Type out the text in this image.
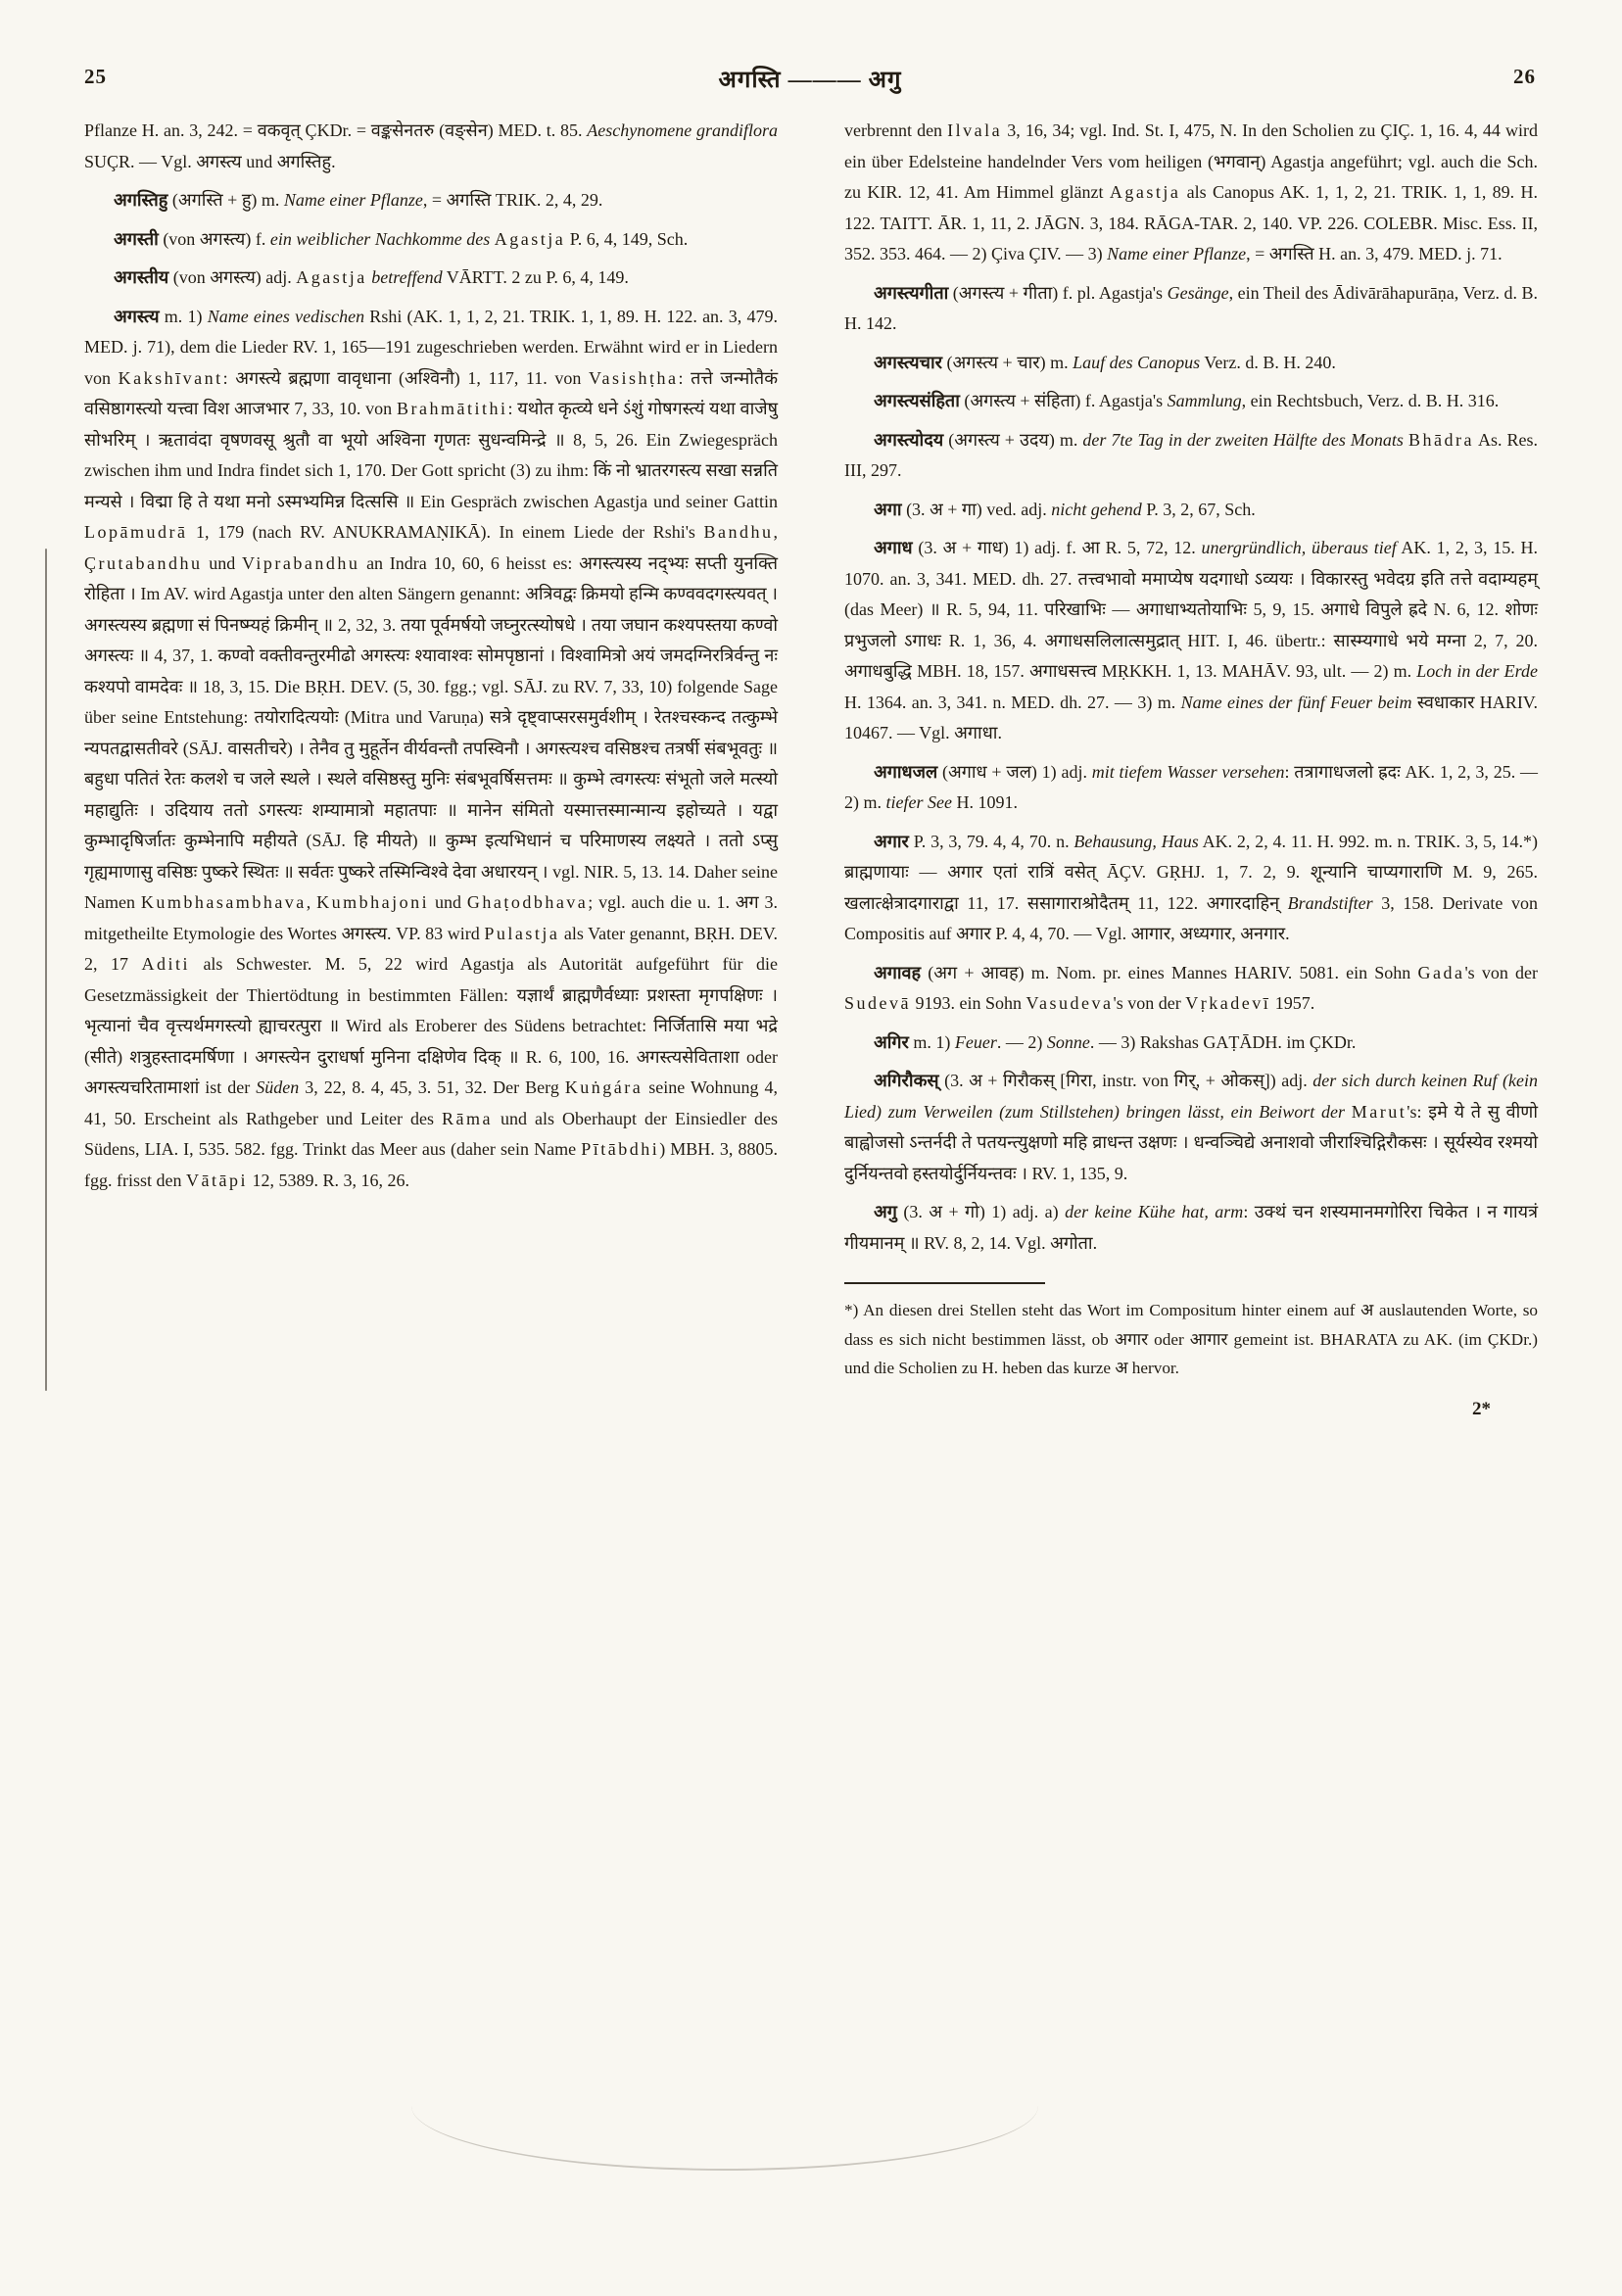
25	अगस्ति ——— अगु	26

Pflanze H. an. 3, 242. = वकवृत् ÇKDr. = वङ्कसेनतरु (वङ्सेन) MED. t. 85. Aeschynomene grandiflora SUÇR. — Vgl. अगस्त्य und अगस्तिहु.

अगस्तिहु (अगस्ति + हु) m. Name einer Pflanze, = अगस्ति TRIK. 2, 4, 29.

अगस्ती (von अगस्त्य) f. ein weiblicher Nachkomme des Agastja P. 6, 4, 149, Sch.

अगस्तीय (von अगस्त्य) adj. Agastja betreffend VĀRTT. 2 zu P. 6, 4, 149.

अगस्त्य m. 1) Name eines vedischen Rshi (AK. 1, 1, 2, 21. TRIK. 1, 1, 89. H. 122. an. 3, 479. MED. j. 71), dem die Lieder RV. 1, 165—191 zugeschrieben werden. Erwähnt wird er in Liedern von Kakshīvant: अगस्त्ये ब्रह्मणा वावृधाना (अश्विनौ) 1, 117, 11. von Vasishṭha: तत्ते जन्मोतैकं वसिष्ठागस्त्यो यत्त्वा विश आजभार 7, 33, 10. von Brahmātithi: यथोत कृत्व्ये धने ऽंशुं गोषगस्त्यं यथा वाजेषु सोभरिम् । ऋतावंदा वृषणवसू श्रुतौ वा भूयो अश्विना गृणतः सुधन्वमिन्द्रे ॥ 8, 5, 26. Ein Zwiegespräch zwischen ihm und Indra findet sich 1, 170. Der Gott spricht (3) zu ihm: किं नो भ्रातरगस्त्य सखा सन्नति मन्यसे । विद्मा हि ते यथा मनो ऽस्मभ्यमिन्न दित्ससि ॥ Ein Gespräch zwischen Agastja und seiner Gattin Lopāmudrā 1, 179 (nach RV. ANUKRAMAṆIKĀ). In einem Liede der Rshi's Bandhu, Çrutabandhu und Viprabandhu an Indra 10, 60, 6 heisst es: अगस्त्यस्य नद्भ्यः सप्ती युनक्ति रोहिता । Im AV. wird Agastja unter den alten Sängern genannt: अत्रिवद्वः क्रिमयो हन्मि कण्ववदगस्त्यवत् । अगस्त्यस्य ब्रह्मणा सं पिनष्म्यहं क्रिमीन् ॥ 2, 32, 3. तया पूर्वमर्षयो जघ्नुरत्स्योषधे । तया जघान कश्यपस्तया कण्वो अगस्त्यः ॥ 4, 37, 1. कण्वो वक्तीवन्तुरमीढो अगस्त्यः श्यावाश्वः सोमपृष्ठानां । विश्वामित्रो अयं जमदग्निरत्रिर्वन्तु नः कश्यपो वामदेवः ॥ 18, 3, 15. Die BṚH. DEV. (5, 30. fgg.; vgl. SĀJ. zu RV. 7, 33, 10) folgende Sage über seine Entstehung: तयोरादित्ययोः (Mitra und Varuṇa) सत्रे दृष्ट्वाप्सरसमुर्वशीम् । रेतश्चस्कन्द तत्कुम्भे न्यपतद्वासतीवरे (SĀJ. वासतीचरे) । तेनैव तु मुहूर्तेन वीर्यवन्तौ तपस्विनौ । अगस्त्यश्च वसिष्ठश्च तत्रर्षी संबभूवतुः ॥ बहुधा पतितं रेतः कलशे च जले स्थले । स्थले वसिष्ठस्तु मुनिः संबभूवर्षिसत्तमः ॥ कुम्भे त्वगस्त्यः संभूतो जले मत्स्यो महाद्युतिः । उदियाय ततो ऽगस्त्यः शम्यामात्रो महातपाः ॥ मानेन संमितो यस्मात्तस्मान्मान्य इहोच्यते । यद्वा कुम्भादृषिर्जातः कुम्भेनापि महीयते (SĀJ. हि मीयते) ॥ कुम्भ इत्यभिधानं च परिमाणस्य लक्ष्यते । ततो ऽप्सु गृह्यमाणासु वसिष्ठः पुष्करे स्थितः ॥ सर्वतः पुष्करे तस्मिन्विश्वे देवा अधारयन् । vgl. NIR. 5, 13. 14. Daher seine Namen Kumbhasambhava, Kumbhajoni und Ghaṭodbhava; vgl. auch die u. 1. अग 3. mitgetheilte Etymologie des Wortes अगस्त्य. VP. 83 wird Pulastja als Vater genannt, BṚH. DEV. 2, 17 Aditi als Schwester. M. 5, 22 wird Agastja als Autorität aufgeführt für die Gesetzmässigkeit der Thiertödtung in bestimmten Fällen: यज्ञार्थं ब्राह्मणैर्वध्याः प्रशस्ता मृगपक्षिणः । भृत्यानां चैव वृत्त्यर्थमगस्त्यो ह्याचरत्पुरा ॥ Wird als Eroberer des Südens betrachtet: निर्जितासि मया भद्रे (सीते) शत्रुहस्तादमर्षिणा । अगस्त्येन दुराधर्षा मुनिना दक्षिणेव दिक् ॥ R. 6, 100, 16. अगस्त्यसेविताशा oder अगस्त्यचरितामाशां ist der Süden 3, 22, 8. 4, 45, 3. 51, 32. Der Berg Kuṅgára seine Wohnung 4, 41, 50. Erscheint als Rathgeber und Leiter des Rāma und als Oberhaupt der Einsiedler des Südens, LIA. I, 535. 582. fgg. Trinkt das Meer aus (daher sein Name Pītābdhi) MBH. 3, 8805. fgg. frisst den Vātāpi 12, 5389. R. 3, 16, 26.

verbrennt den Ilvala 3, 16, 34; vgl. Ind. St. I, 475, N. In den Scholien zu ÇIÇ. 1, 16. 4, 44 wird ein über Edelsteine handelnder Vers vom heiligen (भगवान्) Agastja angeführt; vgl. auch die Sch. zu KIR. 12, 41. Am Himmel glänzt Agastja als Canopus AK. 1, 1, 2, 21. TRIK. 1, 1, 89. H. 122. TAITT. ĀR. 1, 11, 2. JĀGN. 3, 184. RĀGA-TAR. 2, 140. VP. 226. COLEBR. Misc. Ess. II, 352. 353. 464. — 2) Çiva ÇIV. — 3) Name einer Pflanze, = अगस्ति H. an. 3, 479. MED. j. 71.

अगस्त्यगीता (अगस्त्य + गीता) f. pl. Agastja's Gesänge, ein Theil des Ādivārāhapurāṇa, Verz. d. B. H. 142.

अगस्त्यचार (अगस्त्य + चार) m. Lauf des Canopus Verz. d. B. H. 240.

अगस्त्यसंहिता (अगस्त्य + संहिता) f. Agastja's Sammlung, ein Rechtsbuch, Verz. d. B. H. 316.

अगस्त्योदय (अगस्त्य + उदय) m. der 7te Tag in der zweiten Hälfte des Monats Bhādra As. Res. III, 297.

अगा (3. अ + गा) ved. adj. nicht gehend P. 3, 2, 67, Sch.

अगाध (3. अ + गाध) 1) adj. f. आ R. 5, 72, 12. unergründlich, überaus tief AK. 1, 2, 3, 15. H. 1070. an. 3, 341. MED. dh. 27. तत्त्वभावो ममाप्येष यदगाधो ऽव्ययः । विकारस्तु भवेदग्र इति तत्ते वदाम्यहम् (das Meer) ॥ R. 5, 94, 11. परिखाभिः — अगाधाभ्यतोयाभिः 5, 9, 15. अगाधे विपुले ह्रदे N. 6, 12. शोणः प्रभुजलो ऽगाधः R. 1, 36, 4. अगाधसलिलात्समुद्रात् HIT. I, 46. übertr.: सास्म्यगाधे भये मग्ना 2, 7, 20. अगाधबुद्धि MBH. 18, 157. अगाधसत्त्व MṚKKH. 1, 13. MAHĀV. 93, ult. — 2) m. Loch in der Erde H. 1364. an. 3, 341. n. MED. dh. 27. — 3) m. Name eines der fünf Feuer beim स्वधाकार HARIV. 10467. — Vgl. अगाधा.

अगाधजल (अगाध + जल) 1) adj. mit tiefem Wasser versehen: तत्रागाधजलो ह्रदः AK. 1, 2, 3, 25. — 2) m. tiefer See H. 1091.

अगार P. 3, 3, 79. 4, 4, 70. n. Behausung, Haus AK. 2, 2, 4. 11. H. 992. m. n. TRIK. 3, 5, 14.*) ब्राह्मणायाः — अगार एतां रात्रिं वसेत् ĀÇV. GṚHJ. 1, 7. 2, 9. शून्यानि चाप्यगाराणि M. 9, 265. खलात्क्षेत्रादगाराद्वा 11, 17. ससागाराश्रोदैतम् 11, 122. अगारदाहिन् Brandstifter 3, 158. Derivate von Compositis auf अगार P. 4, 4, 70. — Vgl. आगार, अध्यगार, अनगार.

अगावह (अग + आवह) m. Nom. pr. eines Mannes HARIV. 5081. ein Sohn Gada's von der Sudevā 9193. ein Sohn Vasudeva's von der Vṛkadevī 1957.

अगिर m. 1) Feuer. — 2) Sonne. — 3) Rakshas GAṬĀDH. im ÇKDr.

अगिरौकस् (3. अ + गिरौकस् [गिरा, instr. von गिर्, + ओकस्]) adj. der sich durch keinen Ruf (kein Lied) zum Verweilen (zum Stillstehen) bringen lässt, ein Beiwort der Marut's: इमे ये ते सु वीणो बाह्वोजसो ऽन्तर्नदी ते पतयन्त्युक्षणो महि व्राधन्त उक्षणः । धन्वञ्चिद्ये अनाशवो जीराश्चिद्गिरौकसः । सूर्यस्येव रश्मयो दुर्नियन्तवो हस्तयोर्दुर्नियन्तवः । RV. 1, 135, 9.

अगु (3. अ + गो) 1) adj. a) der keine Kühe hat, arm: उक्थं चन शस्यमानमगोरिरा चिकेत । न गायत्रं गीयमानम् ॥ RV. 8, 2, 14. Vgl. अगोता.

*) An diesen drei Stellen steht das Wort im Compositum hinter einem auf अ auslautenden Worte, so dass es sich nicht bestimmen lässt, ob अगार oder आगार gemeint ist. BHARATA zu AK. (im ÇKDr.) und die Scholien zu H. heben das kurze अ hervor.

2*
